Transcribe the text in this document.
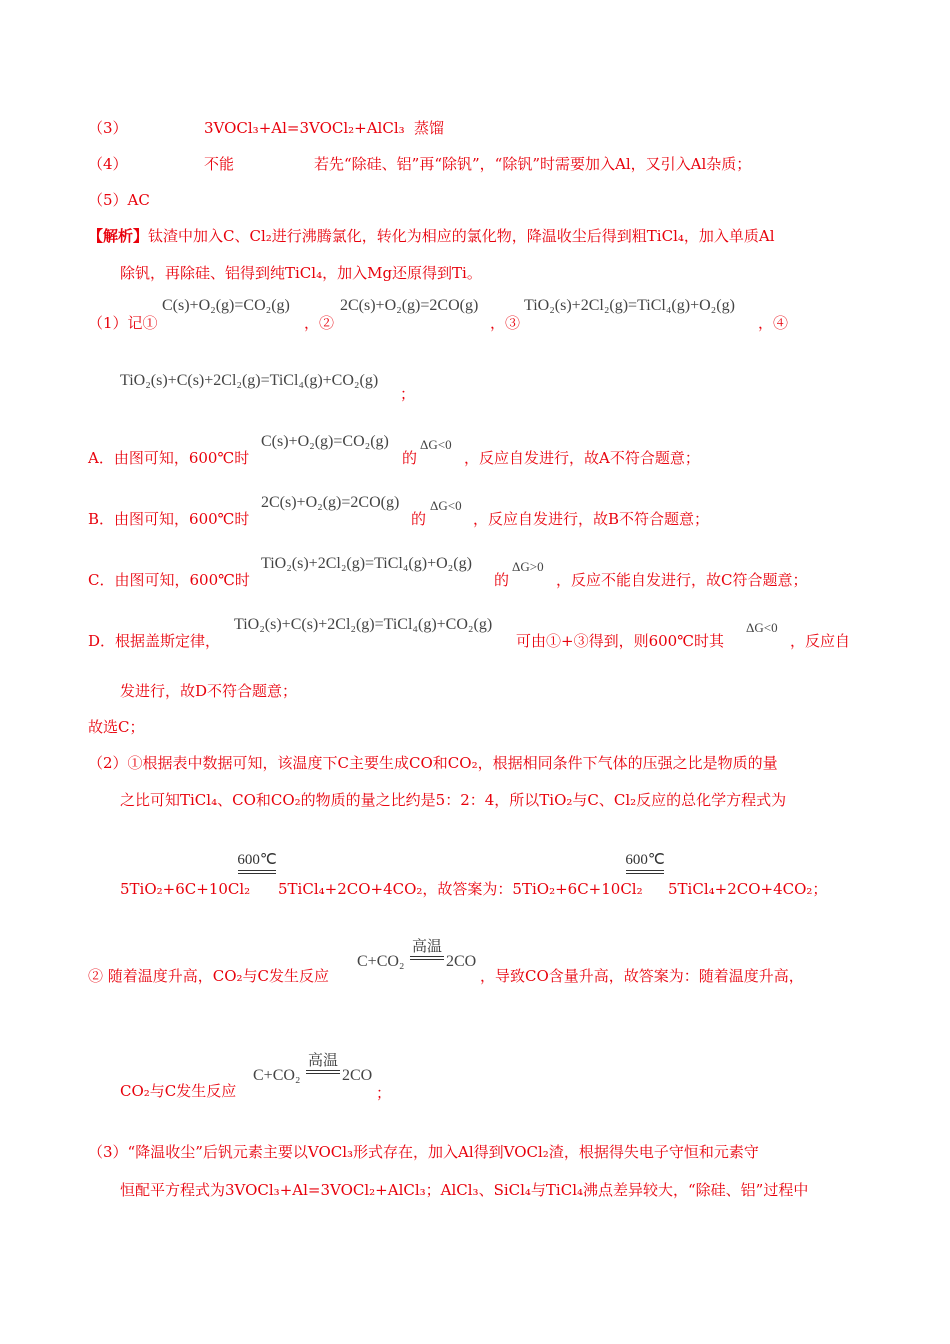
（3）	3VOCl₃+Al=3VOCl₂+AlCl₃ 蒸馏
（4）	不能	若先“除硅、铝”再“除钒”，“除钒”时需要加入Al，又引入Al杂质；
（5）AC
【解析】钛渣中加入C、Cl₂进行沸腾氯化，转化为相应的氯化物，降温收尘后得到粗TiCl₄，加入单质Al
除钒，再除硅、铝得到纯TiCl₄，加入Mg还原得到Ti。
（1）记①
C(s)+O₂(g)=CO₂(g)
，②
2C(s)+O₂(g)=2CO(g)
，③
TiO₂(s)+2Cl₂(g)=TiCl₄(g)+O₂(g)
，④
TiO₂(s)+C(s)+2Cl₂(g)=TiCl₄(g)+CO₂(g)
；
A．由图可知，600℃时
C(s)+O₂(g)=CO₂(g)
的
ΔG<0
，反应自发进行，故A不符合题意；
B．由图可知，600℃时
2C(s)+O₂(g)=2CO(g)
的
ΔG<0
，反应自发进行，故B不符合题意；
C．由图可知，600℃时
TiO₂(s)+2Cl₂(g)=TiCl₄(g)+O₂(g)
的
ΔG>0
，反应不能自发进行，故C符合题意；
D．根据盖斯定律，
TiO₂(s)+C(s)+2Cl₂(g)=TiCl₄(g)+CO₂(g)
可由①+③得到，则600℃时其
ΔG<0
，反应自
发进行，故D不符合题意；
故选C；
（2）①根据表中数据可知，该温度下C主要生成CO和CO₂，根据相同条件下气体的压强之比是物质的量
之比可知TiCl₄、CO和CO₂的物质的量之比约是5：2：4，所以TiO₂与C、Cl₂反应的总化学方程式为
5TiO₂+6C+10Cl₂
600℃
5TiCl₄+2CO+4CO₂，故答案为：5TiO₂+6C+10Cl₂
600℃
5TiCl₄+2CO+4CO₂；
② 随着温度升高，CO₂与C发生反应
C+CO₂
高温
2CO
，导致CO含量升高，故答案为：随着温度升高，
CO₂与C发生反应
C+CO₂
高温
2CO
；
（3）“降温收尘”后钒元素主要以VOCl₃形式存在，加入Al得到VOCl₂渣，根据得失电子守恒和元素守
恒配平方程式为3VOCl₃+Al=3VOCl₂+AlCl₃；AlCl₃、SiCl₄与TiCl₄沸点差异较大，“除硅、铝”过程中
